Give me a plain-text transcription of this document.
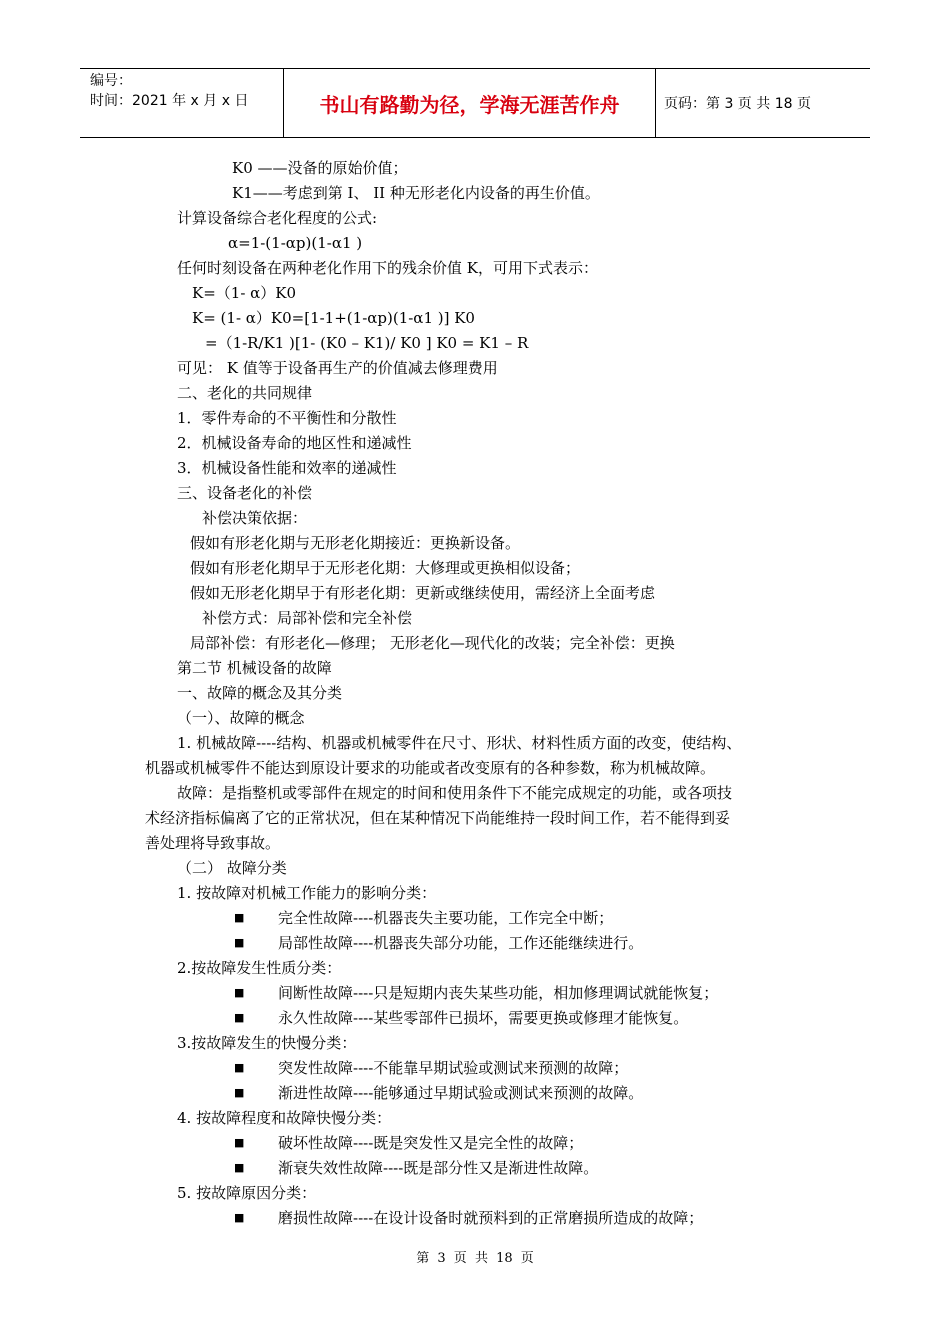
编号：
时间：2021 年 x 月 x 日	书山有路勤为径，学海无涯苦作舟	页码：第 3 页 共 18 页
K0 ——没备的原始价值；
K1——考虑到第 I、 II 种无形老化内设备的再生价值。
计算设备综合老化程度的公式:
α=1-(1-αp)(1-α1 )
任何时刻设备在两种老化作用下的残余价值 K，可用下式表示：
K=（1- α）K0
K= (1- α）K0=[1-1+(1-αp)(1-α1 )] K0
=（1-R/K1 )[1- (K0 – K1)/ K0 ] K0 = K1 – R
可见： K 值等于设备再生产的价值减去修理费用
二、老化的共同规律
1．零件寿命的不平衡性和分散性
2．机械设备寿命的地区性和递减性
3．机械设备性能和效率的递减性
三、设备老化的补偿
补偿决策依据：
假如有形老化期与无形老化期接近：更换新设备。
假如有形老化期早于无形老化期：大修理或更换相似设备；
假如无形老化期早于有形老化期：更新或继续使用，需经济上全面考虑
补偿方式：局部补偿和完全补偿
局部补偿：有形老化—修理； 无形老化—现代化的改装；完全补偿：更换
第二节 机械设备的故障
一、故障的概念及其分类
（一）、故障的概念
1. 机械故障----结构、机器或机械零件在尺寸、形状、材料性质方面的改变，使结构、
机器或机械零件不能达到原设计要求的功能或者改变原有的各种参数，称为机械故障。
故障：是指整机或零部件在规定的时间和使用条件下不能完成规定的功能，或各项技
术经济指标偏离了它的正常状况，但在某种情况下尚能维持一段时间工作，若不能得到妥
善处理将导致事故。
（二） 故障分类
1. 按故障对机械工作能力的影响分类：
■ 完全性故障----机器丧失主要功能，工作完全中断；
■ 局部性故障----机器丧失部分功能，工作还能继续进行。
2.按故障发生性质分类：
■ 间断性故障----只是短期内丧失某些功能，相加修理调试就能恢复；
■ 永久性故障----某些零部件已损坏，需要更换或修理才能恢复。
3.按故障发生的快慢分类：
■ 突发性故障----不能靠早期试验或测试来预测的故障；
■ 渐进性故障----能够通过早期试验或测试来预测的故障。
4. 按故障程度和故障快慢分类：
■ 破坏性故障----既是突发性又是完全性的故障；
■ 渐衰失效性故障----既是部分性又是渐进性故障。
5. 按故障原因分类：
■ 磨损性故障----在设计设备时就预料到的正常磨损所造成的故障；
第 3 页 共 18 页
